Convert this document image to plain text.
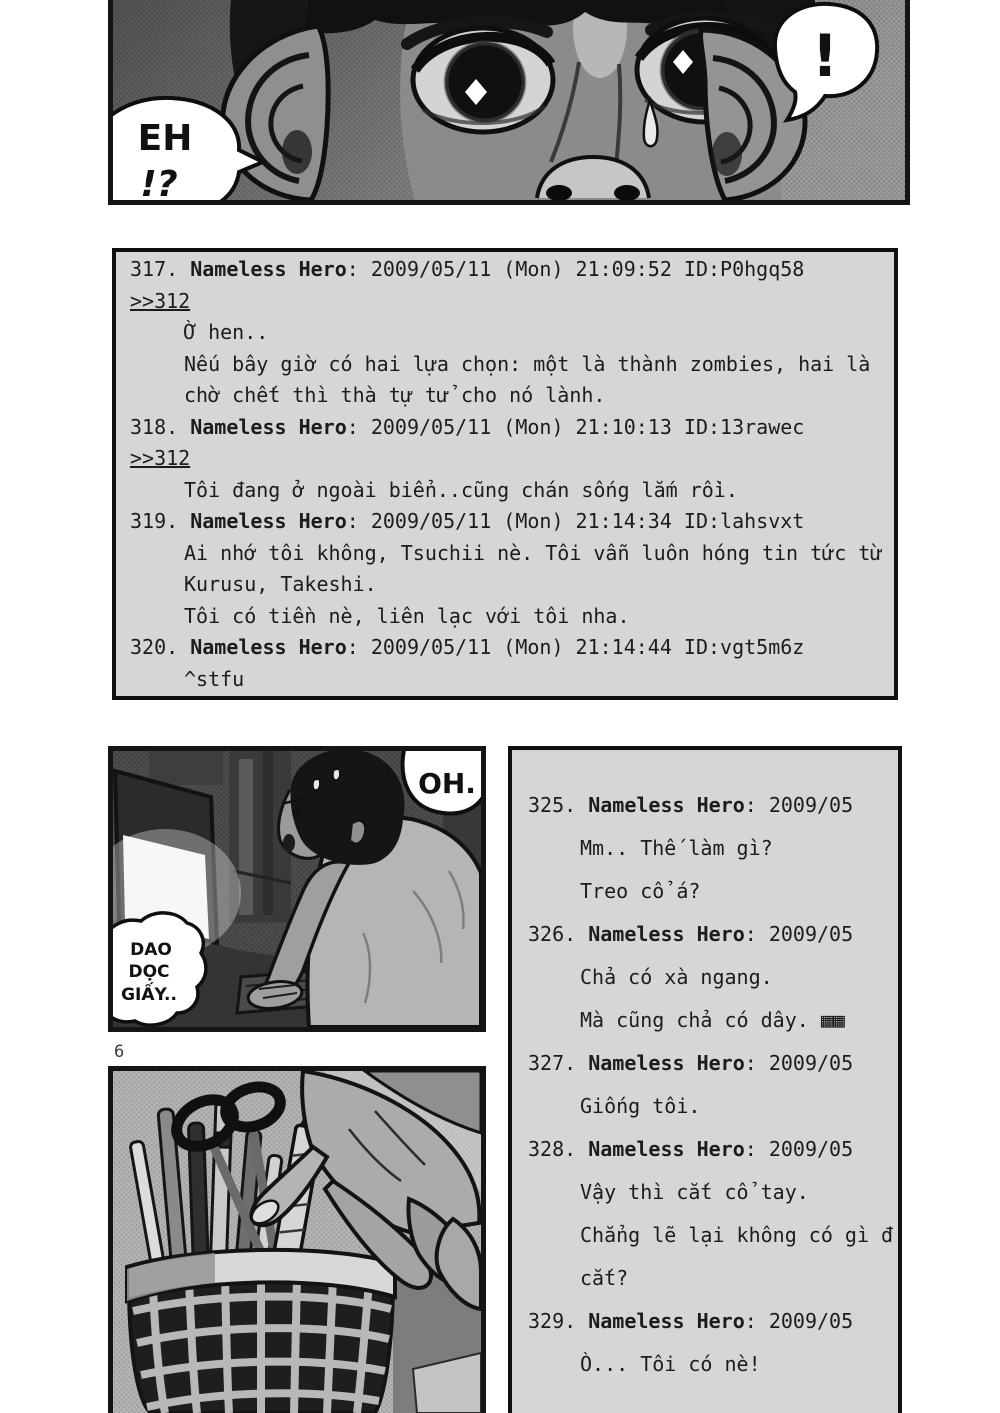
!
EH
!?
317. Nameless Hero: 2009/05/11 (Mon) 21:09:52 ID:P0hgq58
>>312
Ờ hen..
Nếu bây giờ có hai lựa chọn: một là thành zombies, hai là
chờ chết thì thà tự tử cho nó lành.
318. Nameless Hero: 2009/05/11 (Mon) 21:10:13 ID:13rawec
>>312
Tôi đang ở ngoài biển..cũng chán sống lắm rồi.
319. Nameless Hero: 2009/05/11 (Mon) 21:14:34 ID:lahsvxt
Ai nhớ tôi không, Tsuchii nè. Tôi vẫn luôn hóng tin tức từ
Kurusu, Takeshi.
Tôi có tiền nè, liên lạc với tôi nha.
320. Nameless Hero: 2009/05/11 (Mon) 21:14:44 ID:vgt5m6z
^stfu
OH.
DAO
DỌC
GIẤY..
6
325. Nameless Hero: 2009/05
Mm.. Thế làm gì?
Treo cổ á?
326. Nameless Hero: 2009/05
Chả có xà ngang.
Mà cũng chả có dây. ▦▦
327. Nameless Hero: 2009/05
Giống tôi.
328. Nameless Hero: 2009/05
Vậy thì cắt cổ tay.
Chẳng lẽ lại không có gì đ
cắt?
329. Nameless Hero: 2009/05
Ò... Tôi có nè!
